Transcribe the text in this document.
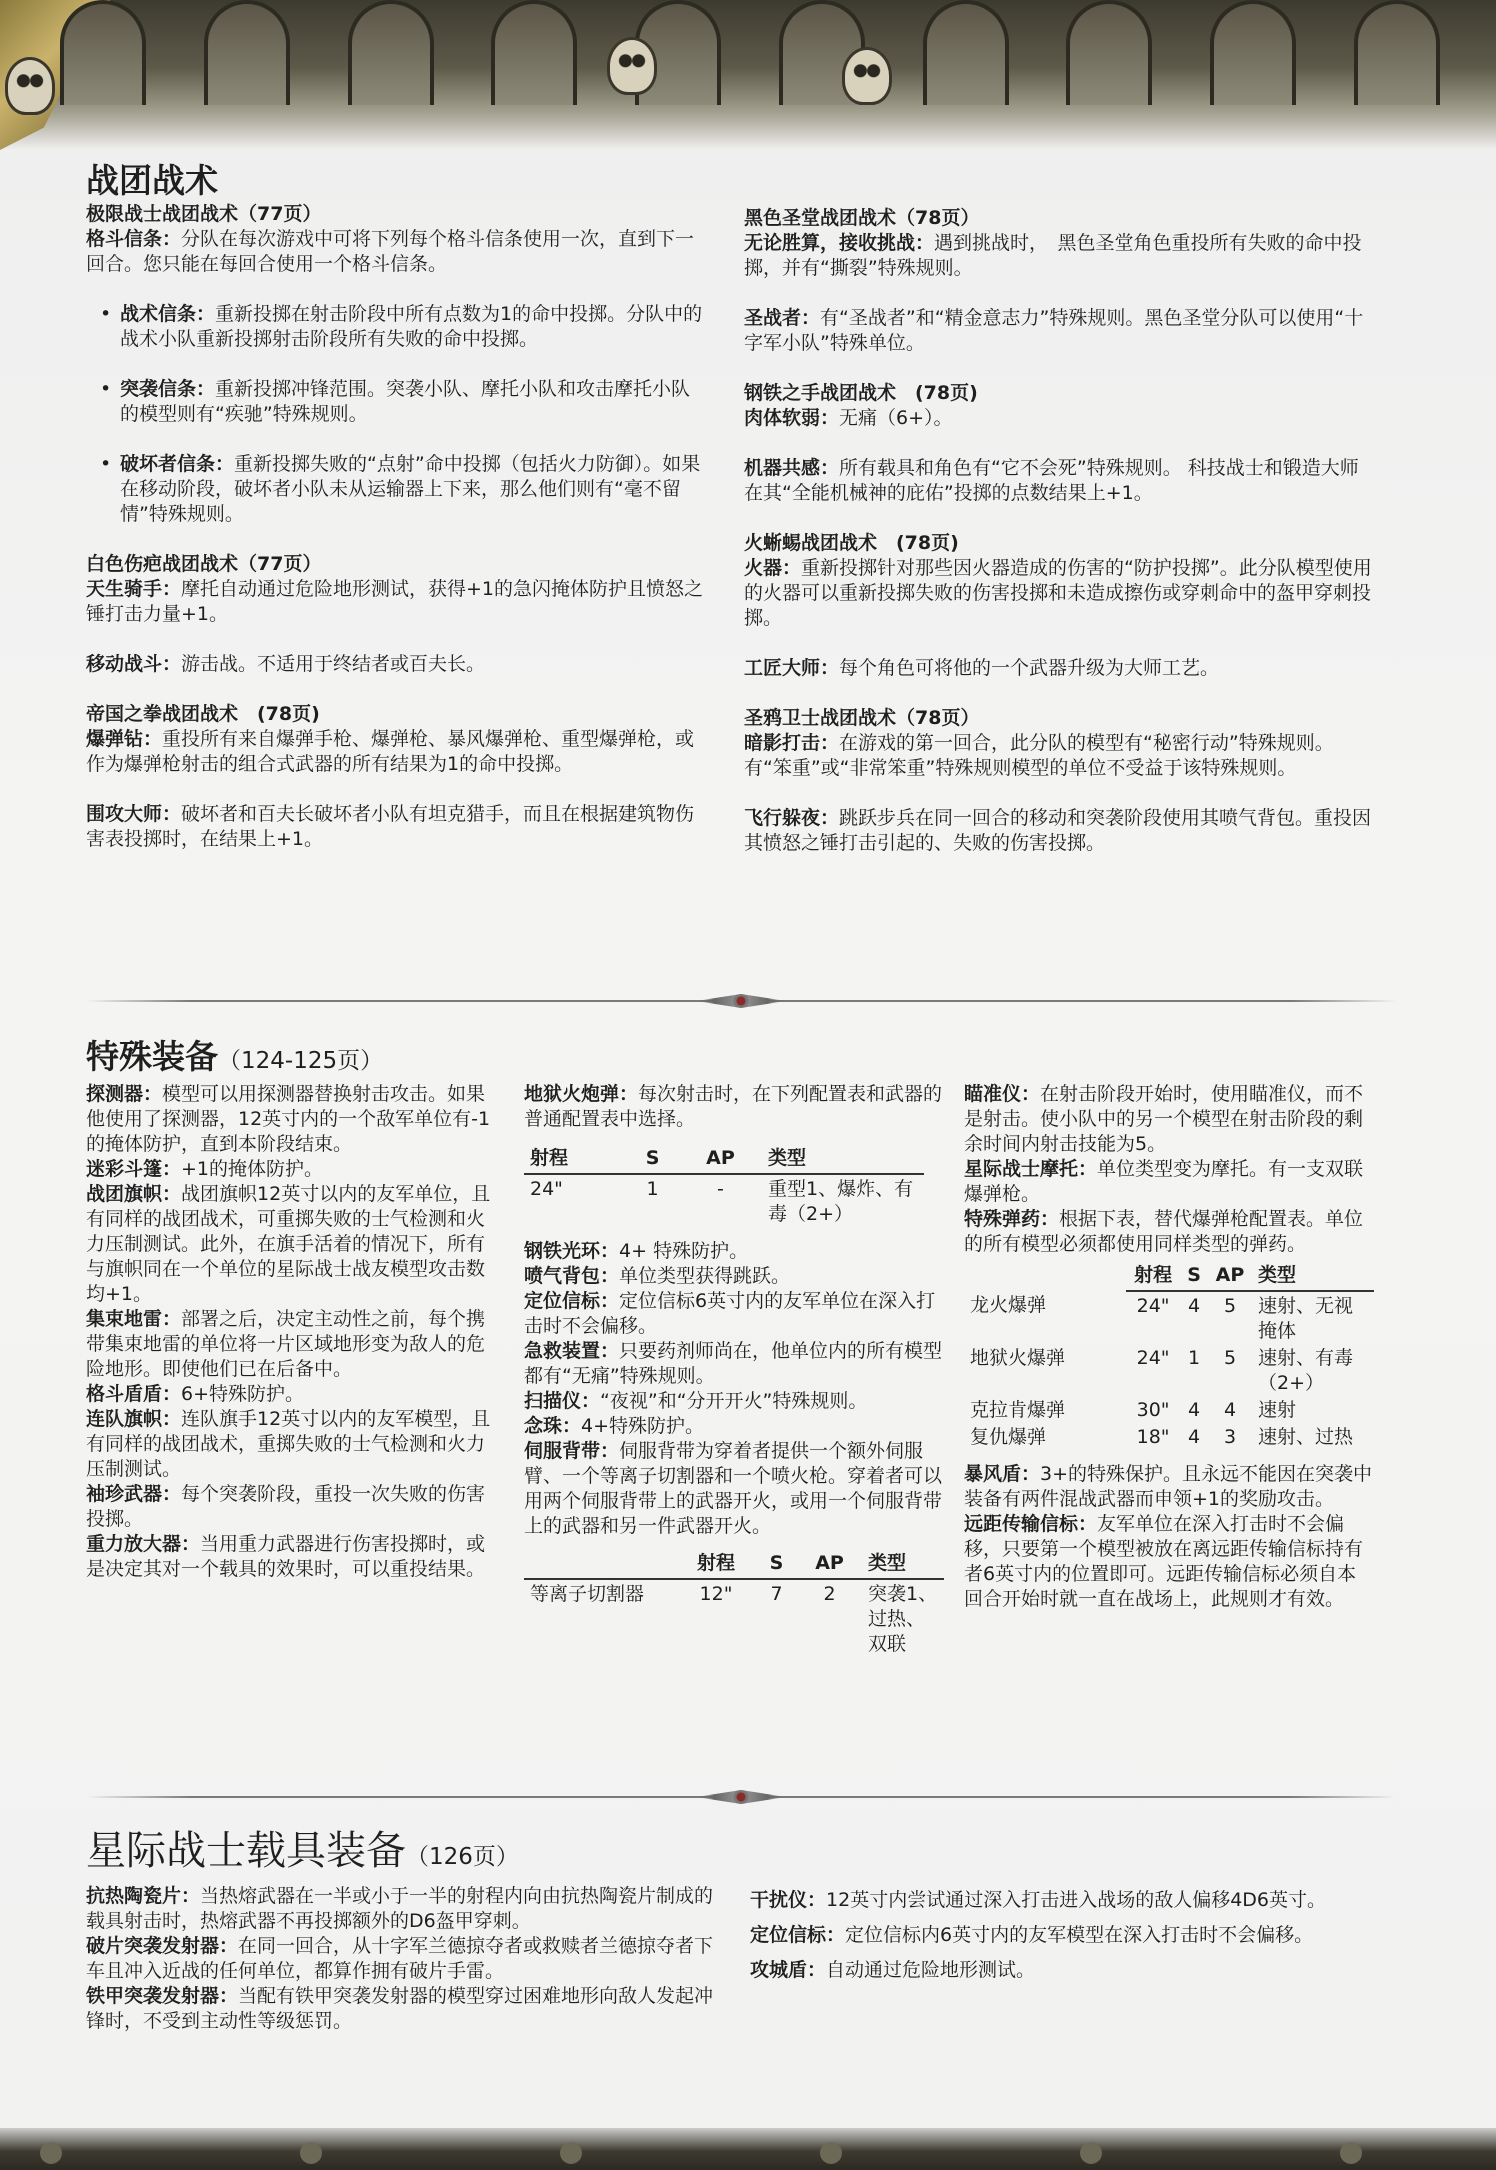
战团战术
极限战士战团战术（77页）

格斗信条：分队在每次游戏中可将下列每个格斗信条使用一次，直到下一回合。您只能在每回合使用一个格斗信条。

• 战术信条：重新投掷在射击阶段中所有点数为1的命中投掷。分队中的战术小队重新投掷射击阶段所有失败的命中投掷。
• 突袭信条：重新投掷冲锋范围。突袭小队、摩托小队和攻击摩托小队的模型则有“疾驰”特殊规则。
• 破坏者信条：重新投掷失败的“点射”命中投掷（包括火力防御）。如果在移动阶段，破坏者小队未从运输器上下来，那么他们则有“毫不留情”特殊规则。
白色伤疤战团战术（77页）

天生骑手：摩托自动通过危险地形测试，获得+1的急闪掩体防护且愤怒之锤打击力量+1。

移动战斗：游击战。不适用于终结者或百夫长。

帝国之拳战团战术　(78页)

爆弹钻：重投所有来自爆弹手枪、爆弹枪、暴风爆弹枪、重型爆弹枪，或作为爆弹枪射击的组合式武器的所有结果为1的命中投掷。

围攻大师：破坏者和百夫长破坏者小队有坦克猎手，而且在根据建筑物伤害表投掷时，在结果上+1。

黑色圣堂战团战术（78页）

无论胜算，接收挑战：遇到挑战时，　黑色圣堂角色重投所有失败的命中投掷，并有“撕裂”特殊规则。

圣战者：有“圣战者”和“精金意志力”特殊规则。黑色圣堂分队可以使用“十字军小队”特殊单位。

钢铁之手战团战术　(78页)

肉体软弱：无痛（6+）。

机器共感：所有载具和角色有“它不会死”特殊规则。 科技战士和锻造大师在其“全能机械神的庇佑”投掷的点数结果上+1。

火蜥蜴战团战术　(78页)

火器：重新投掷针对那些因火器造成的伤害的“防护投掷”。此分队模型使用的火器可以重新投掷失败的伤害投掷和未造成擦伤或穿刺命中的盔甲穿刺投掷。

工匠大师：每个角色可将他的一个武器升级为大师工艺。

圣鸦卫士战团战术（78页）

暗影打击：在游戏的第一回合，此分队的模型有“秘密行动”特殊规则。有“笨重”或“非常笨重”特殊规则模型的单位不受益于该特殊规则。

飞行躲夜：跳跃步兵在同一回合的移动和突袭阶段使用其喷气背包。重投因其愤怒之锤打击引起的、失败的伤害投掷。

特殊装备（124-125页）

探测器：模型可以用探测器替换射击攻击。如果他使用了探测器，12英寸内的一个敌军单位有-1的掩体防护，直到本阶段结束。

迷彩斗篷：+1的掩体防护。

战团旗帜：战团旗帜12英寸以内的友军单位，且有同样的战团战术，可重掷失败的士气检测和火力压制测试。此外，在旗手活着的情况下，所有与旗帜同在一个单位的星际战士战友模型攻击数均+1。

集束地雷：部署之后，决定主动性之前，每个携带集束地雷的单位将一片区域地形变为敌人的危险地形。即使他们已在后备中。

格斗盾盾：6+特殊防护。

连队旗帜：连队旗手12英寸以内的友军模型，且有同样的战团战术，重掷失败的士气检测和火力压制测试。

袖珍武器：每个突袭阶段，重投一次失败的伤害投掷。

重力放大器：当用重力武器进行伤害投掷时，或是决定其对一个载具的效果时，可以重投结果。

地狱火炮弹：每次射击时，在下列配置表和武器的普通配置表中选择。

射程	S	AP	类型
24"	1	-	重型1、爆炸、有毒（2+）

钢铁光环：4+ 特殊防护。

喷气背包：单位类型获得跳跃。

定位信标：定位信标6英寸内的友军单位在深入打击时不会偏移。

急救装置：只要药剂师尚在，他单位内的所有模型都有“无痛”特殊规则。

扫描仪：“夜视”和“分开开火”特殊规则。

念珠：4+特殊防护。

伺服背带：伺服背带为穿着者提供一个额外伺服臂、一个等离子切割器和一个喷火枪。穿着者可以用两个伺服背带上的武器开火，或用一个伺服背带上的武器和另一件武器开火。

	射程	S	AP	类型
等离子切割器	12"	7	2	突袭1、过热、双联

瞄准仪：在射击阶段开始时，使用瞄准仪，而不是射击。使小队中的另一个模型在射击阶段的剩余时间内射击技能为5。

星际战士摩托：单位类型变为摩托。有一支双联爆弹枪。

特殊弹药：根据下表，替代爆弹枪配置表。单位的所有模型必须都使用同样类型的弹药。

	射程	S	AP	类型
龙火爆弹	24"	4	5	速射、无视掩体
地狱火爆弹	24"	1	5	速射、有毒（2+）
克拉肯爆弹	30"	4	4	速射
复仇爆弹	18"	4	3	速射、过热

暴风盾：3+的特殊保护。且永远不能因在突袭中装备有两件混战武器而申领+1的奖励攻击。

远距传输信标：友军单位在深入打击时不会偏移，只要第一个模型被放在离远距传输信标持有者6英寸内的位置即可。远距传输信标必须自本回合开始时就一直在战场上，此规则才有效。

星际战士载具装备（126页）

抗热陶瓷片：当热熔武器在一半或小于一半的射程内向由抗热陶瓷片制成的载具射击时，热熔武器不再投掷额外的D6盔甲穿刺。

破片突袭发射器：在同一回合，从十字军兰德掠夺者或救赎者兰德掠夺者下车且冲入近战的任何单位，都算作拥有破片手雷。

铁甲突袭发射器：当配有铁甲突袭发射器的模型穿过困难地形向敌人发起冲锋时，不受到主动性等级惩罚。

干扰仪：12英寸内尝试通过深入打击进入战场的敌人偏移4D6英寸。

定位信标：定位信标内6英寸内的友军模型在深入打击时不会偏移。

攻城盾：自动通过危险地形测试。
